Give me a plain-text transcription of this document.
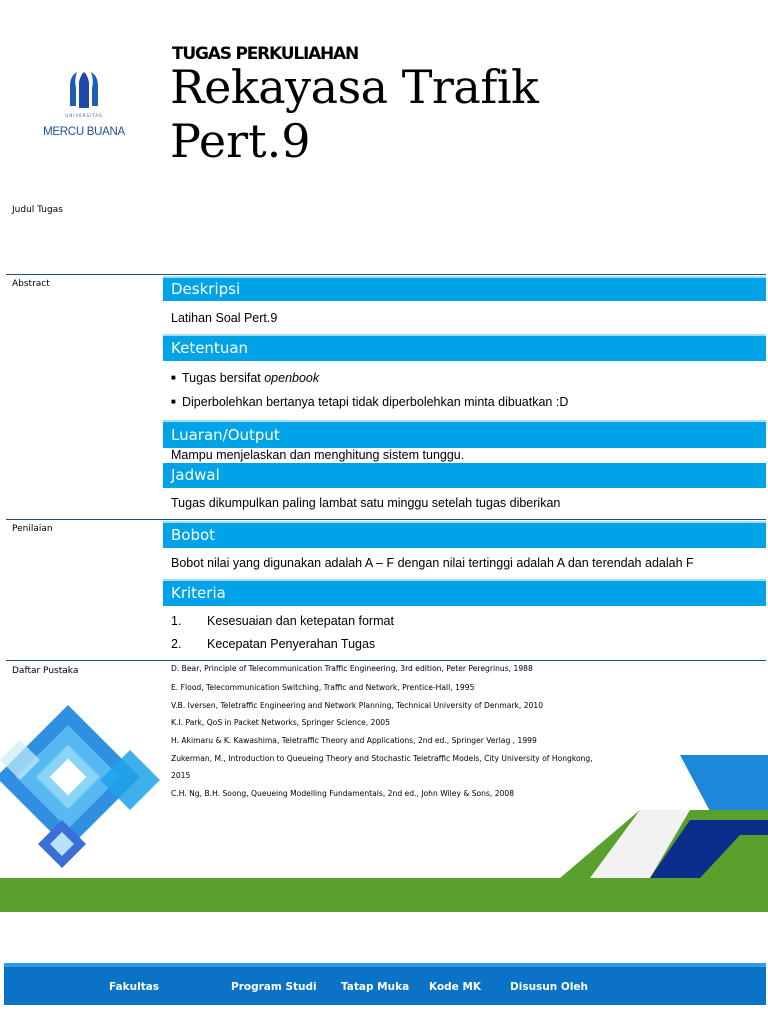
UNIVERSITAS
MERCU BUANA
TUGAS PERKULIAHAN
Rekayasa Trafik
Pert.9
Judul Tugas
Abstract	Deskripsi
Latihan Soal Pert.9
Ketentuan
■ Tugas bersifat openbook
■ Diperbolehkan bertanya tetapi tidak diperbolehkan minta dibuatkan :D
Luaran/Output
Mampu menjelaskan dan menghitung sistem tunggu.
Jadwal
Tugas dikumpulkan paling lambat satu minggu setelah tugas diberikan
Penilaian	Bobot
Bobot nilai yang digunakan adalah A – F dengan nilai tertinggi adalah A dan terendah adalah F
Kriteria
1. Kesesuaian dan ketepatan format
2. Kecepatan Penyerahan Tugas
Daftar Pustaka	D. Bear, Principle of Telecommunication Traffic Engineering, 3rd edition, Peter Peregrinus, 1988
E. Flood, Telecommunication Switching, Traffic and Network, Prentice-Hall, 1995
V.B. Iversen, Teletraffic Engineering and Network Planning, Technical University of Denmark, 2010
K.I. Park, QoS in Packet Networks, Springer Science, 2005
H. Akimaru & K. Kawashima, Teletraffic Theory and Applications, 2nd ed., Springer Verlag , 1999
Zukerman, M., Introduction to Queueing Theory and Stochastic Teletraffic Models, City University of Hongkong,
2015
C.H. Ng, B.H. Soong, Queueing Modelling Fundamentals, 2nd ed., John Wiley & Sons, 2008
Fakultas	Program Studi Tatap Muka Kode MK	Disusun Oleh
